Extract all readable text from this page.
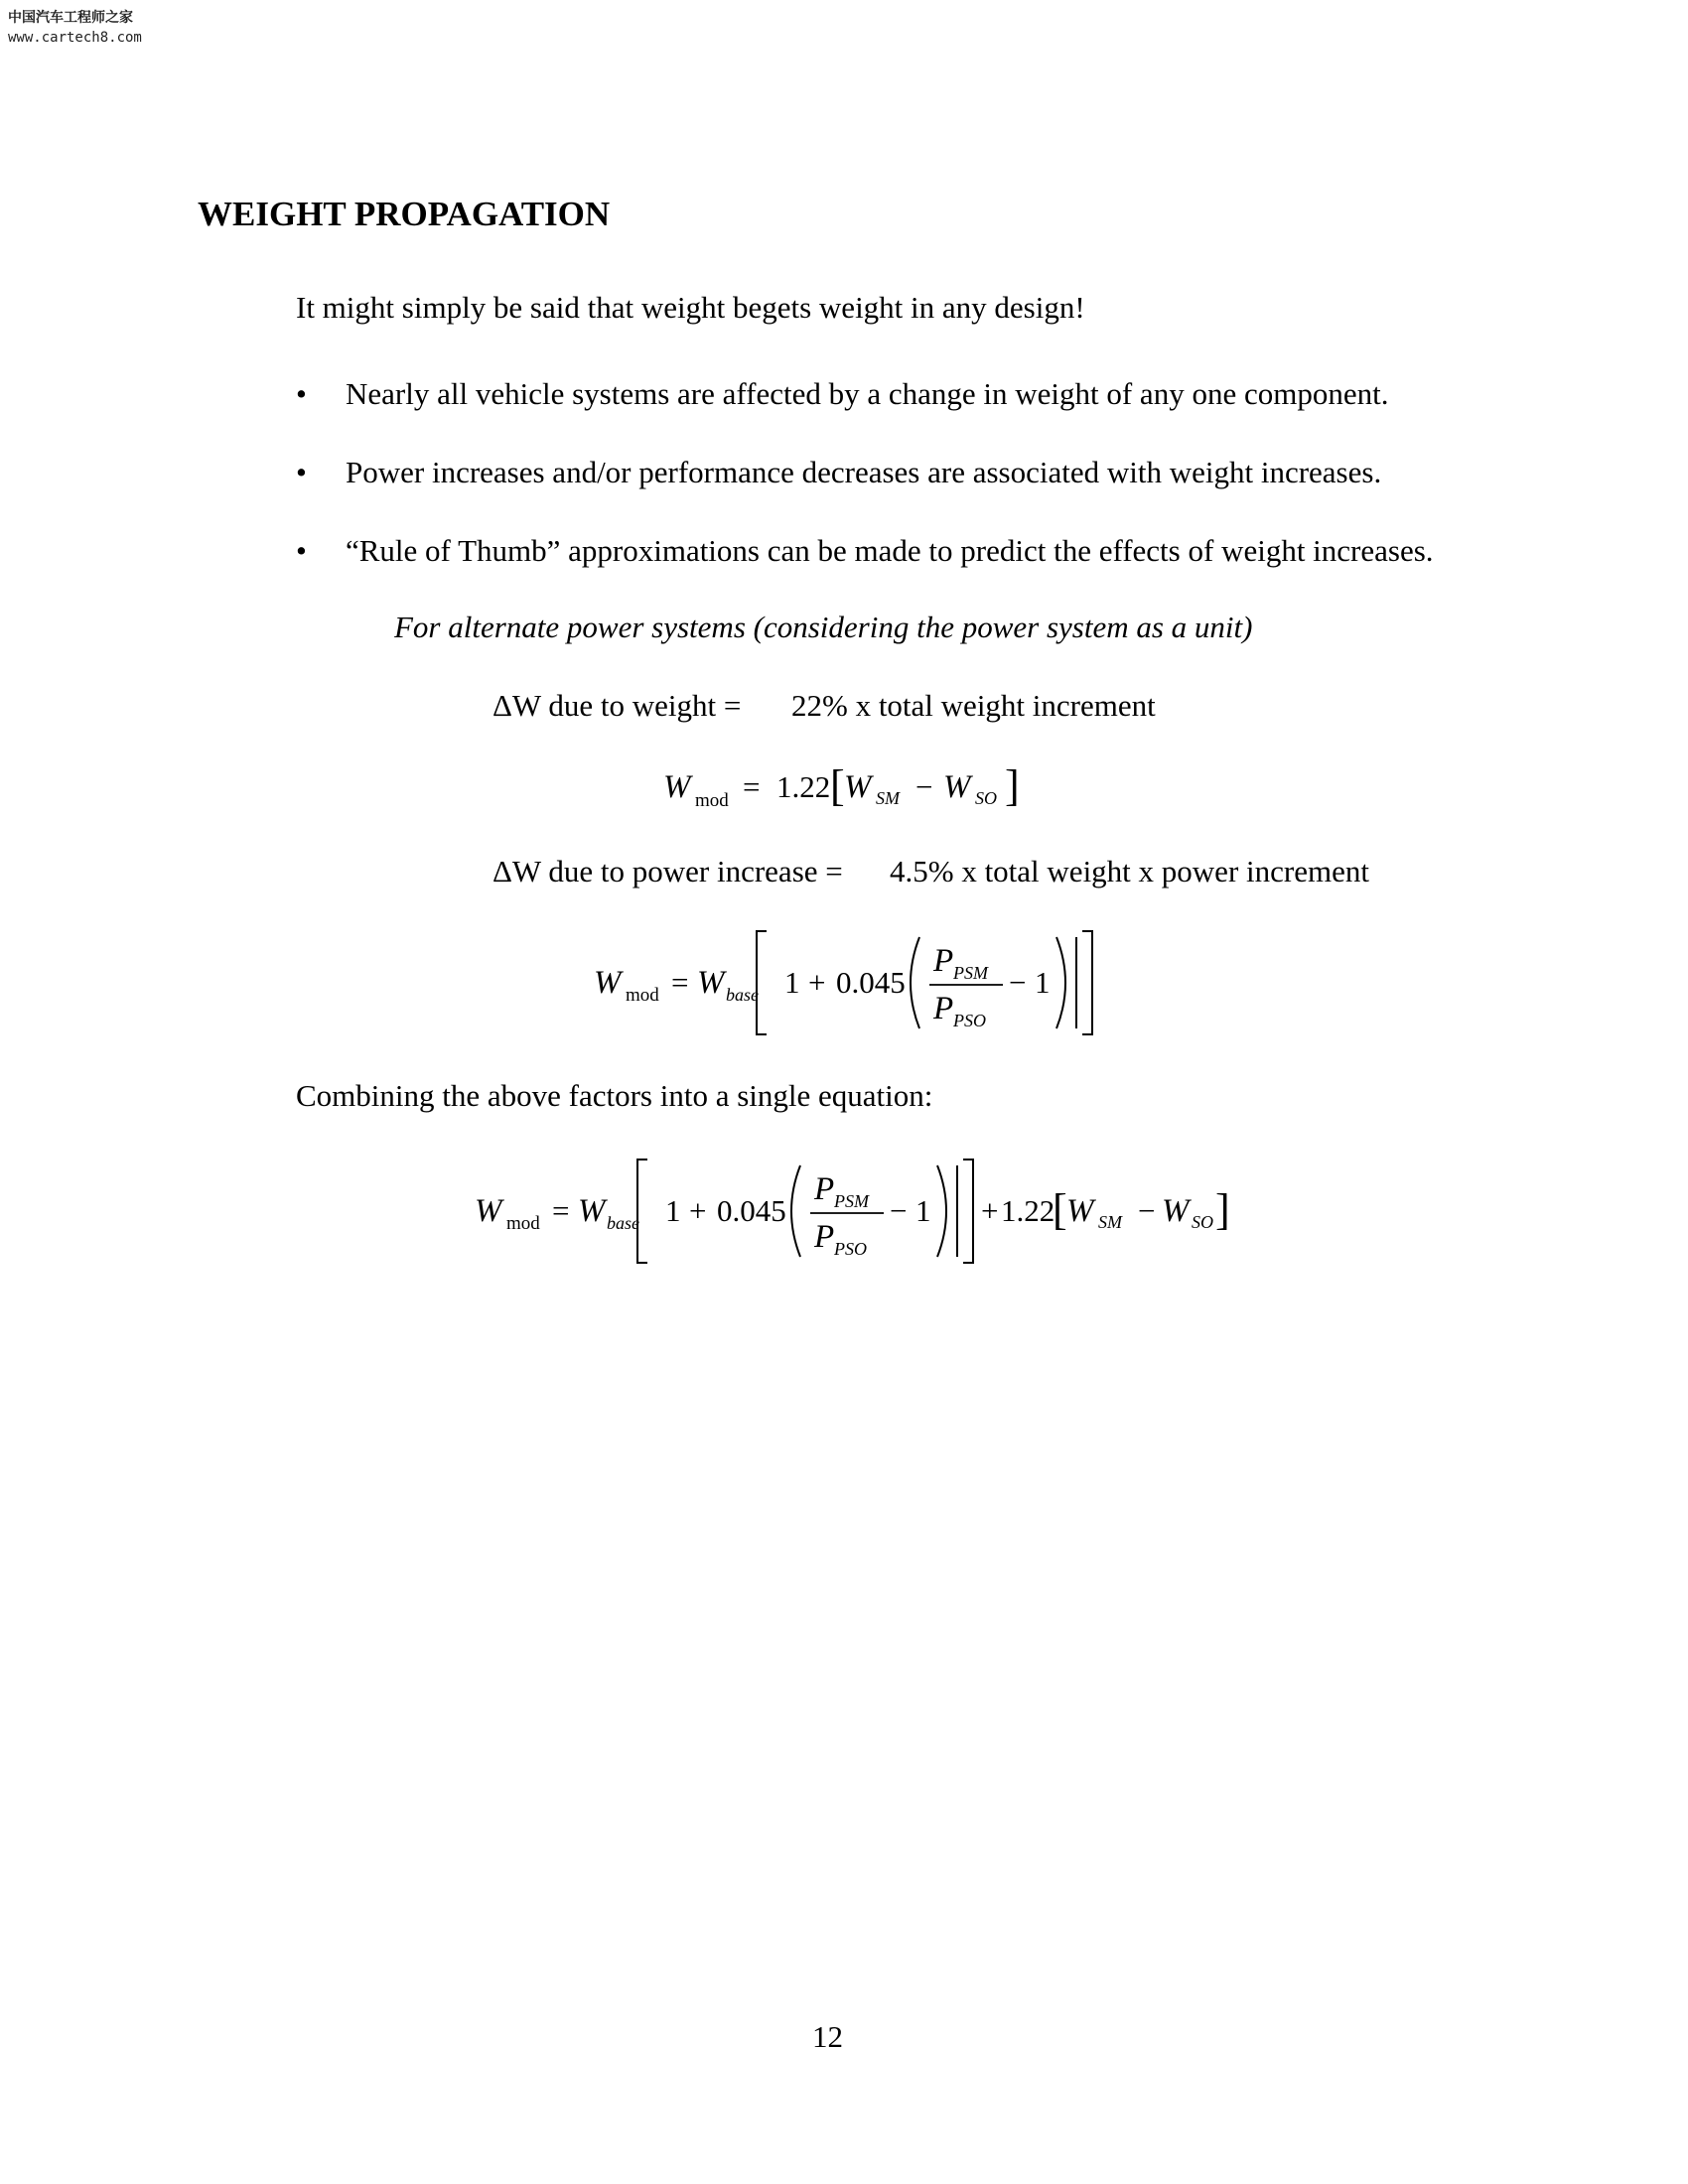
中国汽车工程师之家
www.cartech8.com
WEIGHT PROPAGATION
It might simply be said that weight begets weight in any design!
• Nearly all vehicle systems are affected by a change in weight of any one component.
• Power increases and/or performance decreases are associated with weight increases.
• “Rule of Thumb” approximations can be made to predict the effects of weight increases.
For alternate power systems (considering the power system as a unit)
ΔW due to weight = 22% x total weight increment
W mod = 1.22 [ W SM − W SO ]
ΔW due to power increase = 4.5% x total weight x power increment
W mod = W base 1 + 0.045
P PSM
P PSO
− 1
Combining the above factors into a single equation:
W mod = W base 1 + 0.045
P PSM
P PSO
− 1 + 1.22
[ W SM − W SO ]
12
